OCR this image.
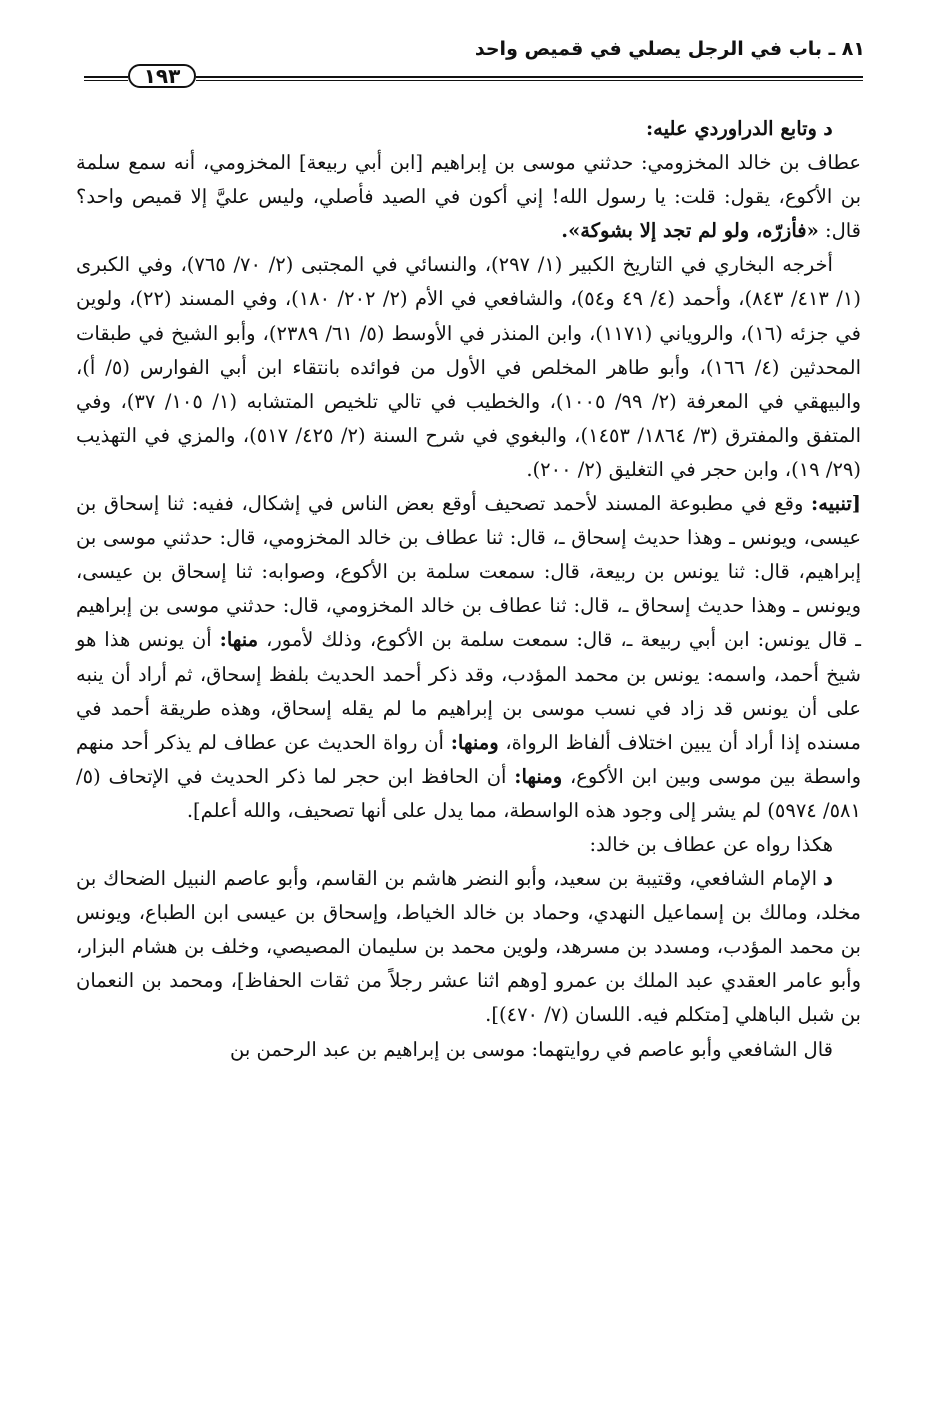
٨١ ـ باب في الرجل يصلي في قميص واحد
١٩٣

ﺩوتابع الدراوردي عليه:

عطاف بن خالد المخزومي: حدثني موسى بن إبراهيم [ابن أبي ربيعة] المخزومي، أنه سمع سلمة بن الأكوع، يقول: قلت: يا رسول الله! إني أكون في الصيد فأصلي، وليس عليَّ إلا قميص واحد؟ قال: «فأزرّه، ولو لم تجد إلا بشوكة».

أخرجه البخاري في التاريخ الكبير (١/ ٢٩٧)، والنسائي في المجتبى (٢/ ٧٠/ ٧٦٥)، وفي الكبرى (١/ ٤١٣/ ٨٤٣)، وأحمد (٤/ ٤٩ و٥٤)، والشافعي في الأم (٢/ ٢٠٢/ ١٨٠)، وفي المسند (٢٢)، ولوين في جزئه (١٦)، والروياني (١١٧١)، وابن المنذر في الأوسط (٥/ ٦١/ ٢٣٨٩)، وأبو الشيخ في طبقات المحدثين (٤/ ١٦٦)، وأبو طاهر المخلص في الأول من فوائده بانتقاء ابن أبي الفوارس (٥/ أ)، والبيهقي في المعرفة (٢/ ٩٩/ ١٠٠٥)، والخطيب في تالي تلخيص المتشابه (١/ ١٠٥/ ٣٧)، وفي المتفق والمفترق (٣/ ١٨٦٤/ ١٤٥٣)، والبغوي في شرح السنة (٢/ ٤٢٥/ ٥١٧)، والمزي في التهذيب (٢٩/ ١٩)، وابن حجر في التغليق (٢/ ٢٠٠).

[تنبيه: وقع في مطبوعة المسند لأحمد تصحيف أوقع بعض الناس في إشكال، ففيه: ثنا إسحاق بن عيسى، ويونس ـ وهذا حديث إسحاق ـ، قال: ثنا عطاف بن خالد المخزومي، قال: حدثني موسى بن إبراهيم، قال: ثنا يونس بن ربيعة، قال: سمعت سلمة بن الأكوع، وصوابه: ثنا إسحاق بن عيسى، ويونس ـ وهذا حديث إسحاق ـ، قال: ثنا عطاف بن خالد المخزومي، قال: حدثني موسى بن إبراهيم ـ قال يونس: ابن أبي ربيعة ـ، قال: سمعت سلمة بن الأكوع، وذلك لأمور، منها: أن يونس هذا هو شيخ أحمد، واسمه: يونس بن محمد المؤدب، وقد ذكر أحمد الحديث بلفظ إسحاق، ثم أراد أن ينبه على أن يونس قد زاد في نسب موسى بن إبراهيم ما لم يقله إسحاق، وهذه طريقة أحمد في مسنده إذا أراد أن يبين اختلاف ألفاظ الرواة، ومنها: أن رواة الحديث عن عطاف لم يذكر أحد منهم واسطة بين موسى وبين ابن الأكوع، ومنها: أن الحافظ ابن حجر لما ذكر الحديث في الإتحاف (٥/ ٥٨١/ ٥٩٧٤) لم يشر إلى وجود هذه الواسطة، مما يدل على أنها تصحيف، والله أعلم].

هكذا رواه عن عطاف بن خالد:

ﺩالإمام الشافعي، وقتيبة بن سعيد، وأبو النضر هاشم بن القاسم، وأبو عاصم النبيل الضحاك بن مخلد، ومالك بن إسماعيل النهدي، وحماد بن خالد الخياط، وإسحاق بن عيسى ابن الطباع، ويونس بن محمد المؤدب، ومسدد بن مسرهد، ولوين محمد بن سليمان المصيصي، وخلف بن هشام البزار، وأبو عامر العقدي عبد الملك بن عمرو [وهم اثنا عشر رجلاً من ثقات الحفاظ]، ومحمد بن النعمان بن شبل الباهلي [متكلم فيه. اللسان (٧/ ٤٧٠)].

قال الشافعي وأبو عاصم في روايتهما: موسى بن إبراهيم بن عبد الرحمن بن
